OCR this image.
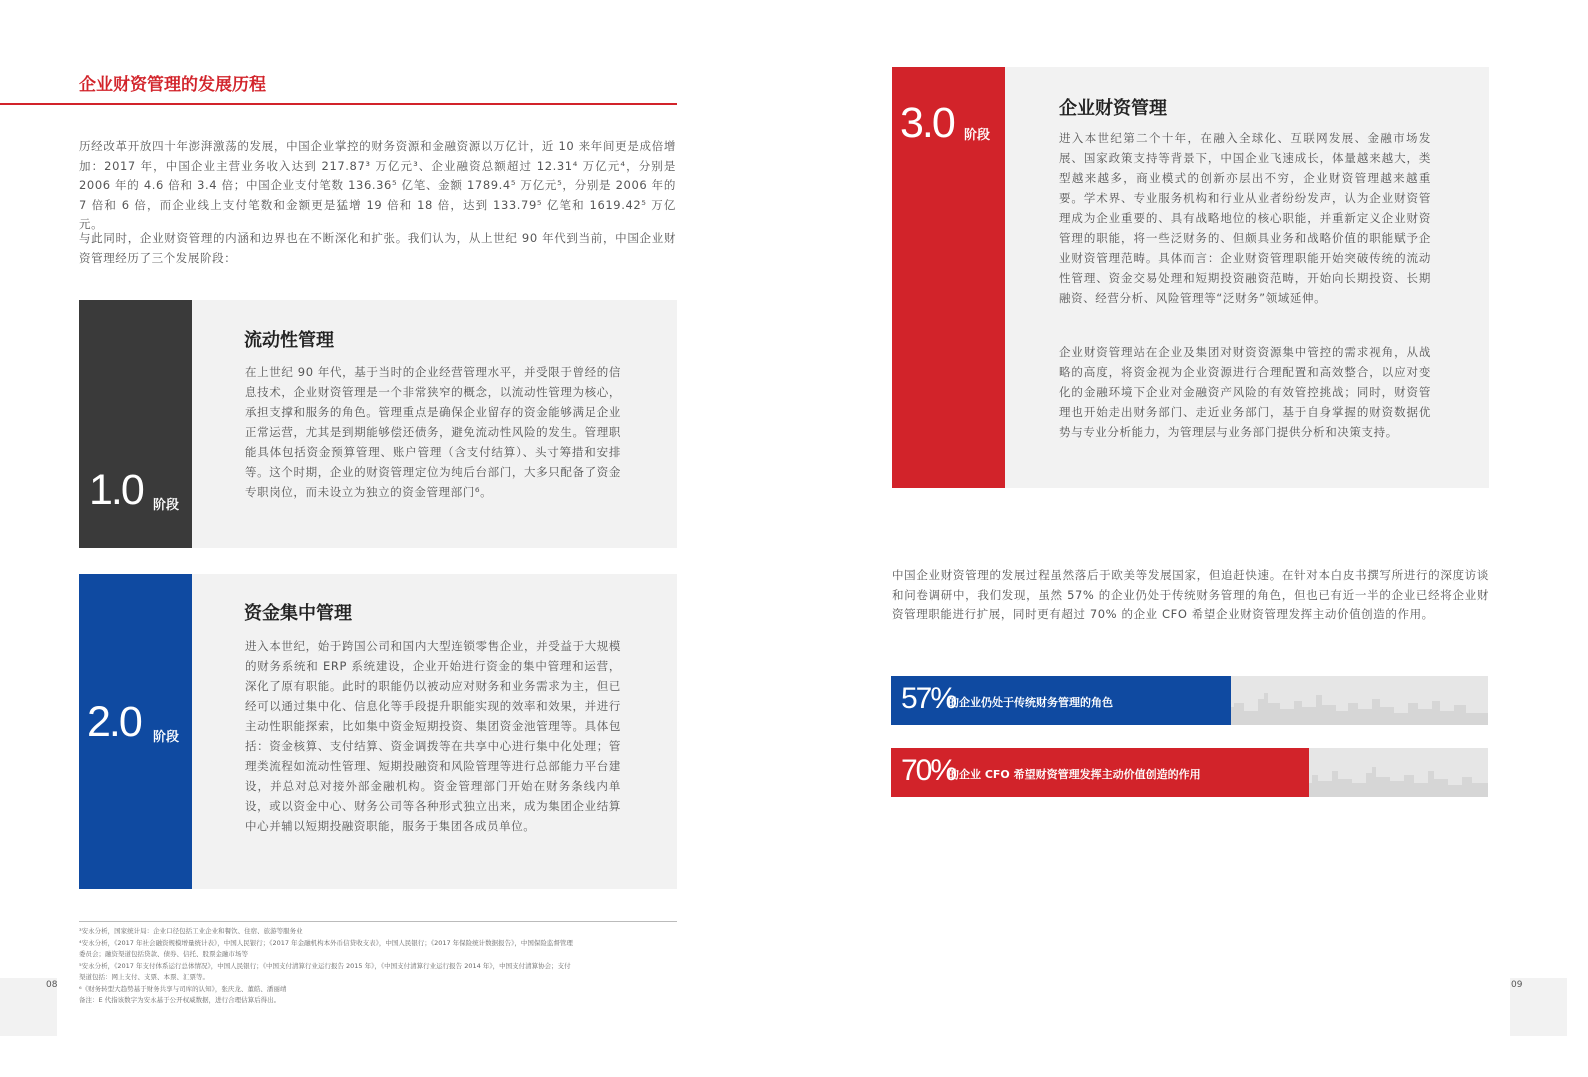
企业财资管理的发展历程

历经改革开放四十年澎湃激荡的发展，中国企业掌控的财务资源和金融资源以万亿计，近 10 来年间更是成倍增加：2017 年，中国企业主营业务收入达到 217.87³ 万亿元³、企业融资总额超过 12.31⁴ 万亿元⁴，分别是 2006 年的 4.6 倍和 3.4 倍；中国企业支付笔数 136.36⁵ 亿笔、金额 1789.4⁵ 万亿元⁵，分别是 2006 年的 7 倍和 6 倍，而企业线上支付笔数和金额更是猛增 19 倍和 18 倍，达到 133.79⁵ 亿笔和 1619.42⁵ 万亿元。

与此同时，企业财资管理的内涵和边界也在不断深化和扩张。我们认为，从上世纪 90 年代到当前，中国企业财资管理经历了三个发展阶段：

1.0 阶段
流动性管理

在上世纪 90 年代，基于当时的企业经营管理水平，并受限于曾经的信息技术，企业财资管理是一个非常狭窄的概念，以流动性管理为核心，承担支撑和服务的角色。管理重点是确保企业留存的资金能够满足企业正常运营，尤其是到期能够偿还债务，避免流动性风险的发生。管理职能具体包括资金预算管理、账户管理（含支付结算）、头寸筹措和安排等。这个时期，企业的财资管理定位为纯后台部门，大多只配备了资金专职岗位，而未设立为独立的资金管理部门⁶。

2.0 阶段
资金集中管理

进入本世纪，始于跨国公司和国内大型连锁零售企业，并受益于大规模的财务系统和 ERP 系统建设，企业开始进行资金的集中管理和运营，深化了原有职能。此时的职能仍以被动应对财务和业务需求为主，但已经可以通过集中化、信息化等手段提升职能实现的效率和效果，并进行主动性职能探索，比如集中资金短期投资、集团资金池管理等。具体包括：资金核算、支付结算、资金调拨等在共享中心进行集中化处理；管理类流程如流动性管理、短期投融资和风险管理等进行总部能力平台建设，并总对总对接外部金融机构。资金管理部门开始在财务条线内单设，或以资金中心、财务公司等各种形式独立出来，成为集团企业结算中心并辅以短期投融资职能，服务于集团各成员单位。

³安永分析，国家统计局：企业口径包括工业企业和餐饮、住宿、旅游等服务业
⁴安永分析，《2017 年社会融资规模增量统计表》，中国人民银行；《2017 年金融机构本外币信贷收支表》，中国人民银行；《2017 年保险统计数据报告》，中国保险监督管理
委员会；融资渠道包括贷款、债券、信托、股票金融市场等
⁵安永分析，《2017 年支付体系运行总体情况》，中国人民银行；《中国支付清算行业运行报告 2015 年》，《中国支付清算行业运行报告 2014 年》，中国支付清算协会；支付
渠道包括：网上支付、支票、本票、汇票等。
⁶《财务转型大趋势基于财务共享与司库的认知》，张庆龙、董皓、潘丽靖
备注：E 代指该数字为安永基于公开权威数据，进行合理估算后得出。
08
3.0 阶段
企业财资管理

进入本世纪第二个十年，在融入全球化、互联网发展、金融市场发展、国家政策支持等背景下，中国企业飞速成长，体量越来越大，类型越来越多，商业模式的创新亦层出不穷，企业财资管理越来越重要。学术界、专业服务机构和行业从业者纷纷发声，认为企业财资管理成为企业重要的、具有战略地位的核心职能，并重新定义企业财资管理的职能，将一些泛财务的、但颇具业务和战略价值的职能赋予企业财资管理范畴。具体而言：企业财资管理职能开始突破传统的流动性管理、资金交易处理和短期投资融资范畴，开始向长期投资、长期融资、经营分析、风险管理等“泛财务”领域延伸。

企业财资管理站在企业及集团对财资资源集中管控的需求视角，从战略的高度，将资金视为企业资源进行合理配置和高效整合，以应对变化的金融环境下企业对金融资产风险的有效管控挑战；同时，财资管理也开始走出财务部门、走近业务部门，基于自身掌握的财资数据优势与专业分析能力，为管理层与业务部门提供分析和决策支持。

中国企业财资管理的发展过程虽然落后于欧美等发展国家，但追赶快速。在针对本白皮书撰写所进行的深度访谈和问卷调研中，我们发现，虽然 57% 的企业仍处于传统财务管理的角色，但也已有近一半的企业已经将企业财资管理职能进行扩展，同时更有超过 70% 的企业 CFO 希望企业财资管理发挥主动价值创造的作用。

57%
的企业仍处于传统财务管理的角色
70%
的企业 CFO 希望财资管理发挥主动价值创造的作用
09
